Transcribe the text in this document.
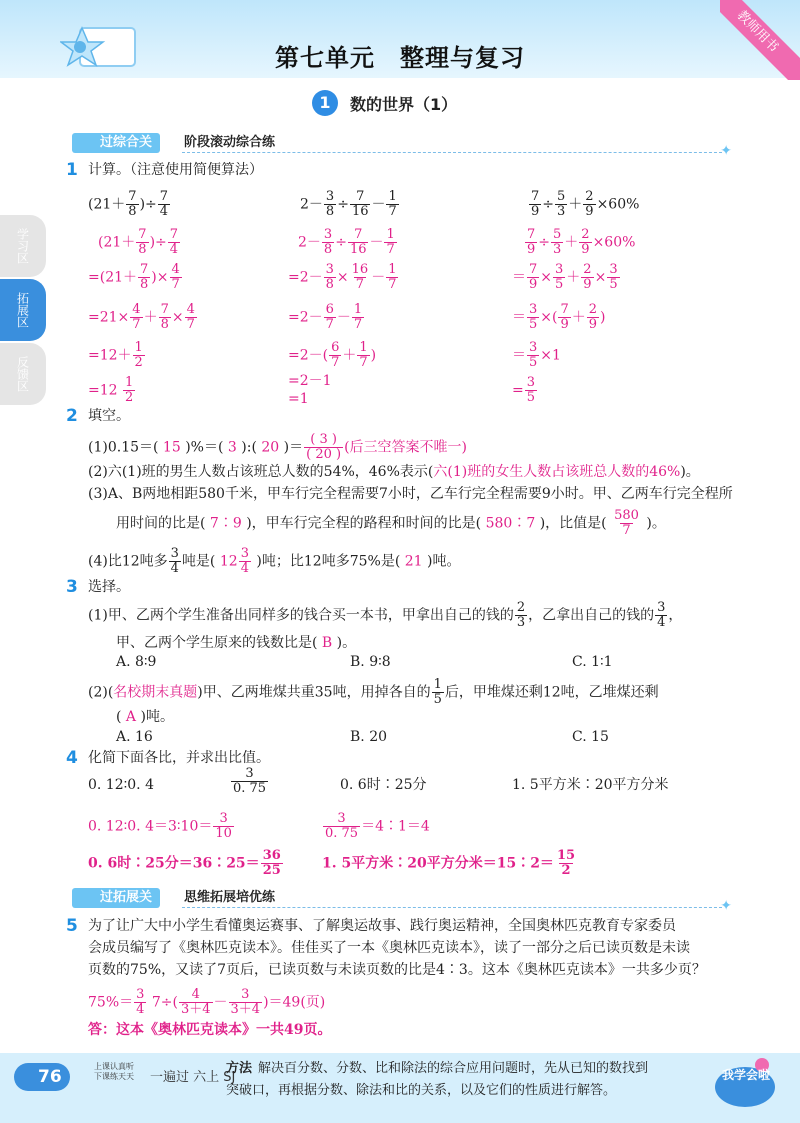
第七单元　整理与复习
教师用书
1 数的世界（1）
过综合关	阶段滚动综合练
✦
学习区
拓展区
反馈区
1 计算。（注意使用简便算法）
($21+ \frac{7}{8}$ )÷ $\frac{7}{4}$
($21+ \frac{7}{8}$ )÷ $\frac{7}{4}$
$=(21+ \frac{7}{8}$ )× $\frac{4}{7}$
$=21\times \frac{4}{7} + \frac{7}{8} \times \frac{4}{7}$
$=12+ \frac{1}{2}$
$=12 \frac{1}{2}$
$2- \frac{3}{8} \div \frac{7}{16} - \frac{1}{7}$
$2- \frac{3}{8} \div \frac{7}{16} - \frac{1}{7}$
$=2- \frac{3}{8} \times \frac{16}{7} - \frac{1}{7}$
$=2- \frac{6}{7} - \frac{1}{7}$
$=2-( \frac{6}{7} + \frac{1}{7}$ )
=2－1
=1
$\frac{7}{9} \div \frac{5}{3} + \frac{2}{9} \times 60\%$
$\frac{7}{9} \div \frac{5}{3} + \frac{2}{9} \times 60\%$
＝ $\frac{7}{9} \times \frac{3}{5} + \frac{2}{9} \times \frac{3}{5}$
＝ $\frac{3}{5}$ ×( $\frac{7}{9} + \frac{2}{9}$ )
＝ $\frac{3}{5} \times 1$
= $\frac{3}{5}$
2 填空。
(1)0.15＝( 15 )%＝( 3 ):( 20 )＝ $\frac{( 3 )}{( 20 )}$ (后三空答案不唯一)
(2)六(1)班的男生人数占该班总人数的54%，46%表示(六(1)班的女生人数占该班总人数的46%)。
(3)A、B两地相距580千米，甲车行完全程需要7小时，乙车行完全程需要9小时。甲、乙两车行完全程所
用时间的比是( 7∶9 )，甲车行完全程的路程和时间的比是( 580∶7 )，比值是( $\frac{580}{7}$ )。
(4)比12吨多 $\frac{3}{4}$ 吨是( $12 \frac{3}{4}$ )吨；比12吨多75%是( 21 )吨。
3 选择。
(1)甲、乙两个学生准备出同样多的钱合买一本书，甲拿出自己的钱的 $\frac{2}{3}$ ，乙拿出自己的钱的 $\frac{3}{4}$ ，
甲、乙两个学生原来的钱数比是( B )。
A. 8∶9	B. 9∶8	C. 1∶1
(2)(名校期末真题)甲、乙两堆煤共重35吨，用掉各自的 $\frac{1}{5}$ 后，甲堆煤还剩12吨，乙堆煤还剩
( A )吨。
A. 16	B. 20	C. 15
4 化简下面各比，并求出比值。
0. 12∶0. 4	$\frac{3}{0. 75}$	0. 6时∶25分	1. 5平方米∶20平方分米
0. 12∶0. 4＝3∶10＝ $\frac{3}{10}$	$\frac{3}{0. 75}$ ＝4∶1＝4
0. 6时∶25分＝36∶25＝ $\frac{36}{25}$	1. 5平方米∶20平方分米＝15∶2＝ $\frac{15}{2}$
过拓展关	思维拓展培优练
✦
5 为了让广大中小学生看懂奥运赛事、了解奥运故事、践行奥运精神，全国奥林匹克教育专家委员
会成员编写了《奥林匹克读本》。佳佳买了一本《奥林匹克读本》，读了一部分之后已读页数是未读
页数的75%，又读了7页后，已读页数与未读页数的比是4∶3。这本《奥林匹克读本》一共多少页？
$75\%= \frac{3}{4} 7\div( \frac{4}{3+4} - \frac{3}{3+4} )=49$(页)
答：这本《奥林匹克读本》一共49页。
76
上课认真听
下课练天天 一遍过 六上 SJ
方法 解决百分数、分数、比和除法的综合应用问题时，先从已知的数找到
突破口，再根据分数、除法和比的关系，以及它们的性质进行解答。
我学会啦
